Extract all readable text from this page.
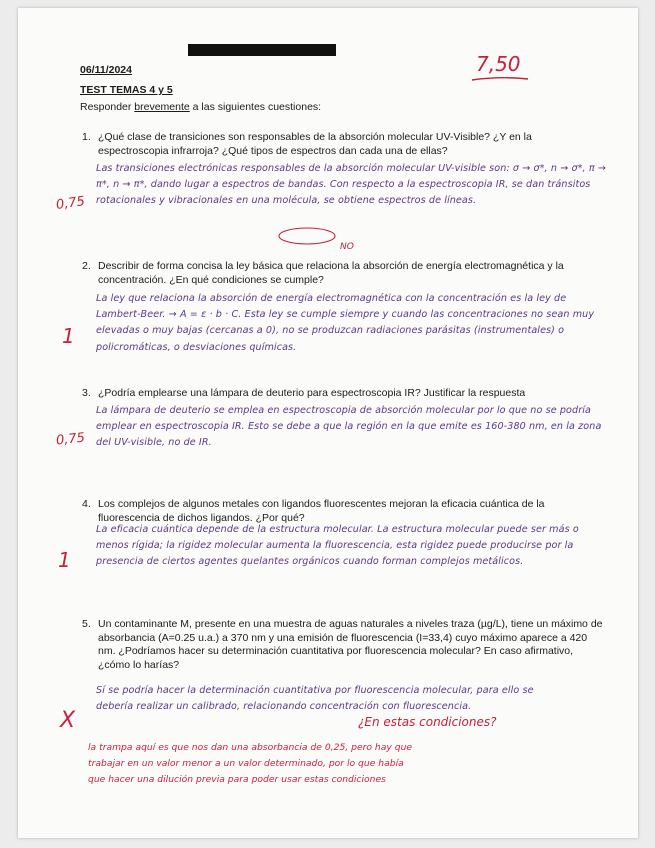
06/11/2024
TEST TEMAS 4 y 5
Responder brevemente a las siguientes cuestiones:
7,50
1. ¿Qué clase de transiciones son responsables de la absorción molecular UV-Visible? ¿Y en la espectroscopia infrarroja? ¿Qué tipos de espectros dan cada una de ellas?
Las transiciones electrónicas responsables de la absorción molecular UV-visible son: σ → σ*, n → σ*, π → π*, n → π*, dando lugar a espectros de bandas. Con respecto a la espectroscopia IR, se dan tránsitos rotacionales y vibracionales en una molécula, se obtiene espectros de líneas.
0,75
NO
2. Describir de forma concisa la ley básica que relaciona la absorción de energía electromagnética y la concentración. ¿En qué condiciones se cumple?
La ley que relaciona la absorción de energía electromagnética con la concentración es la ley de Lambert-Beer. → A = ε · b · C. Esta ley se cumple siempre y cuando las concentraciones no sean muy elevadas o muy bajas (cercanas a 0), no se produzcan radiaciones parásitas (instrumentales) o policromáticas, o desviaciones químicas.
1
3. ¿Podría emplearse una lámpara de deuterio para espectroscopia IR? Justificar la respuesta
La lámpara de deuterio se emplea en espectroscopia de absorción molecular por lo que no se podría emplear en espectroscopia IR. Esto se debe a que la región en la que emite es 160-380 nm, en la zona del UV-visible, no de IR.
0,75
4. Los complejos de algunos metales con ligandos fluorescentes mejoran la eficacia cuántica de la fluorescencia de dichos ligandos. ¿Por qué?
La eficacia cuántica depende de la estructura molecular. La estructura molecular puede ser más o menos rígida; la rigidez molecular aumenta la fluorescencia, esta rigidez puede producirse por la presencia de ciertos agentes quelantes orgánicos cuando forman complejos metálicos.
1
5. Un contaminante M, presente en una muestra de aguas naturales a niveles traza (µg/L), tiene un máximo de absorbancia (A=0.25 u.a.) a 370 nm y una emisión de fluorescencia (I=33,4) cuyo máximo aparece a 420 nm. ¿Podríamos hacer su determinación cuantitativa por fluorescencia molecular? En caso afirmativo, ¿cómo lo harías?
Sí se podría hacer la determinación cuantitativa por fluorescencia molecular, para ello se debería realizar un calibrado, relacionando concentración con fluorescencia.
¿En estas condiciones?
X
la trampa aquí es que nos dan una absorbancia de 0,25, pero hay que trabajar en un valor menor a un valor determinado, por lo que había que hacer una dilución previa para poder usar estas condiciones
